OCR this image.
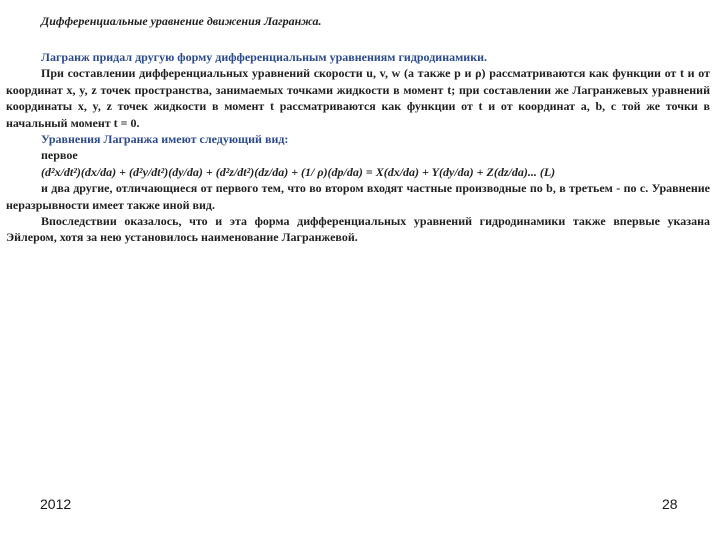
Дифференциальные уравнение движения Лагранжа.

Лагранж придал другую форму дифференциальным уравнениям гидродинамики.

При составлении дифференциальных уравнений скорости u, v, w (а также p и ρ) рассматриваются как функции от t и от координат x, y, z точек пространства, занимаемых точками жидкости в момент t; при составлении же Лагранжевых уравнений координаты x, y, z точек жидкости в момент t рассматриваются как функции от t и от координат a, b, c той же точки в начальный момент t = 0.

Уравнения Лагранжа имеют следующий вид:

первое

(d²x/dt²)(dx/da) + (d²y/dt²)(dy/da) + (d²z/dt²)(dz/da) + (1/ ρ)(dp/da) = X(dx/da) + Y(dy/da) + Z(dz/da)... (L)

и два другие, отличающиеся от первого тем, что во втором входят частные производные по b, в третьем - по c. Уравнение неразрывности имеет также иной вид.

Впоследствии оказалось, что и эта форма дифференциальных уравнений гидродинамики также впервые указана Эйлером, хотя за нею установилось наименование Лагранжевой.

2012	28
